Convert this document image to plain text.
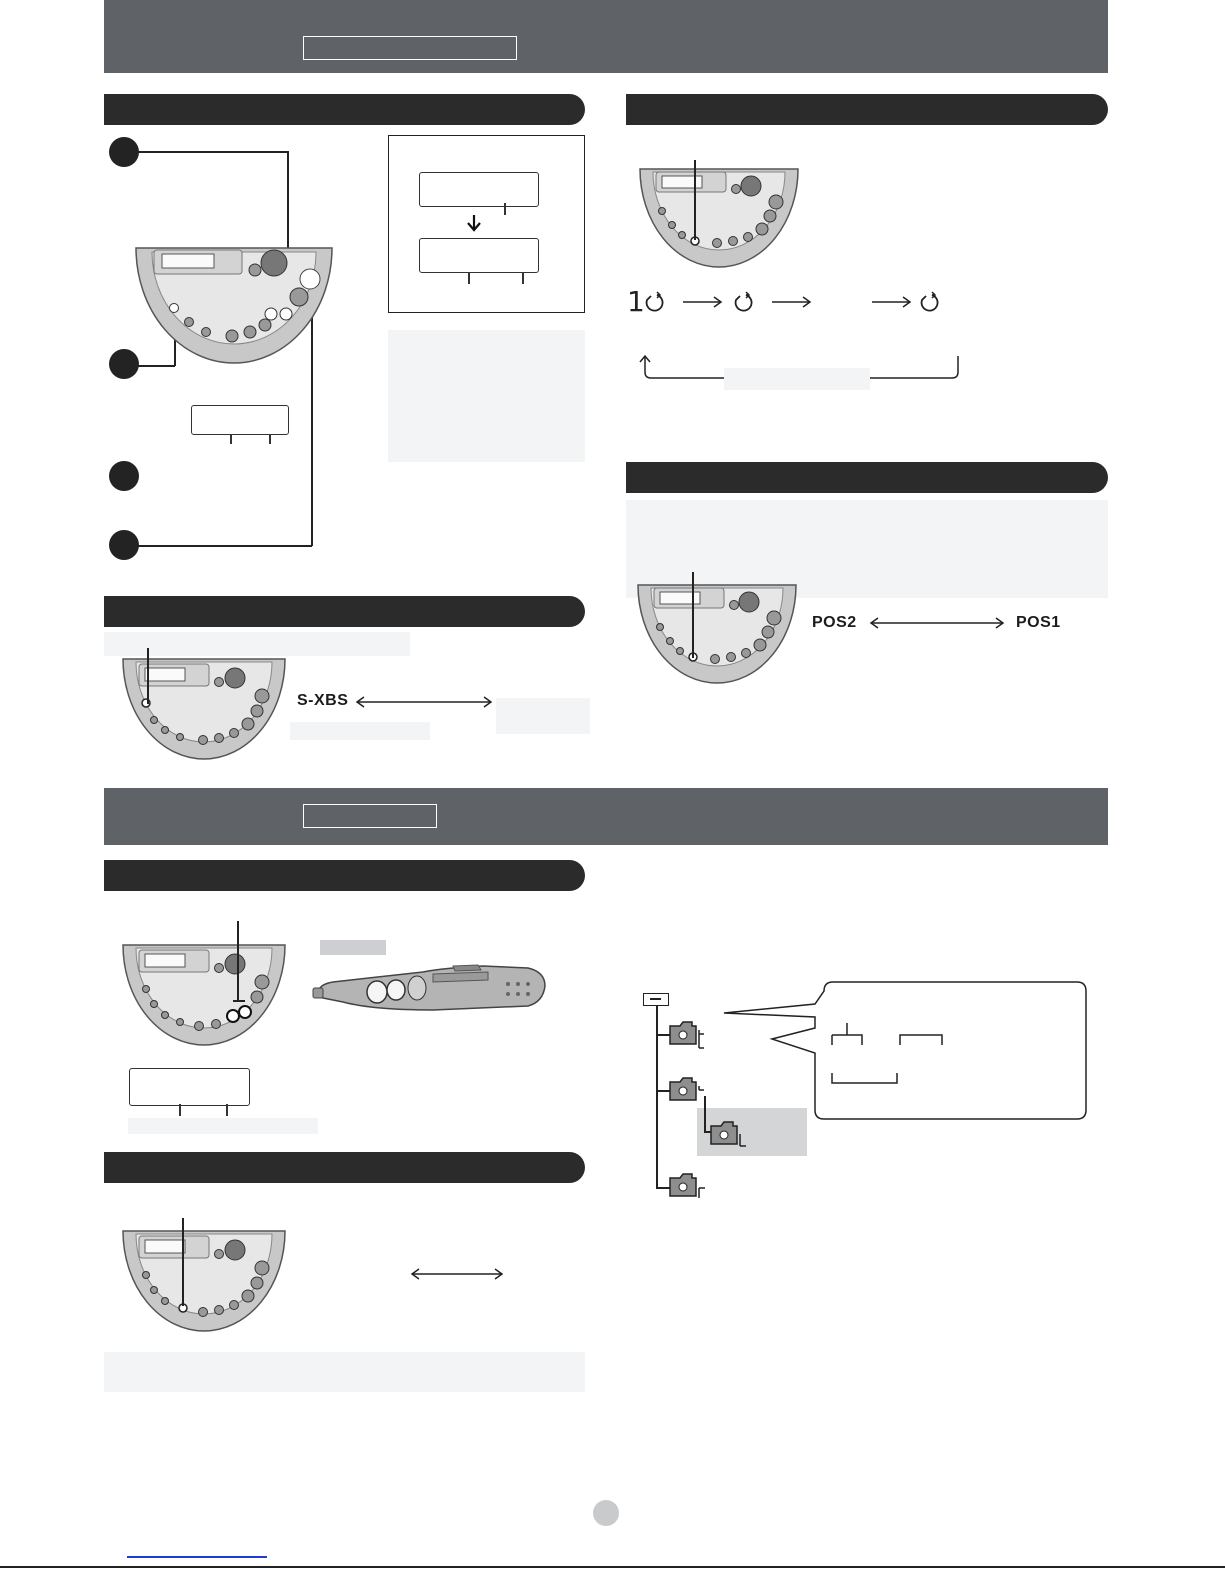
1
POS2	POS1
S-XBS
